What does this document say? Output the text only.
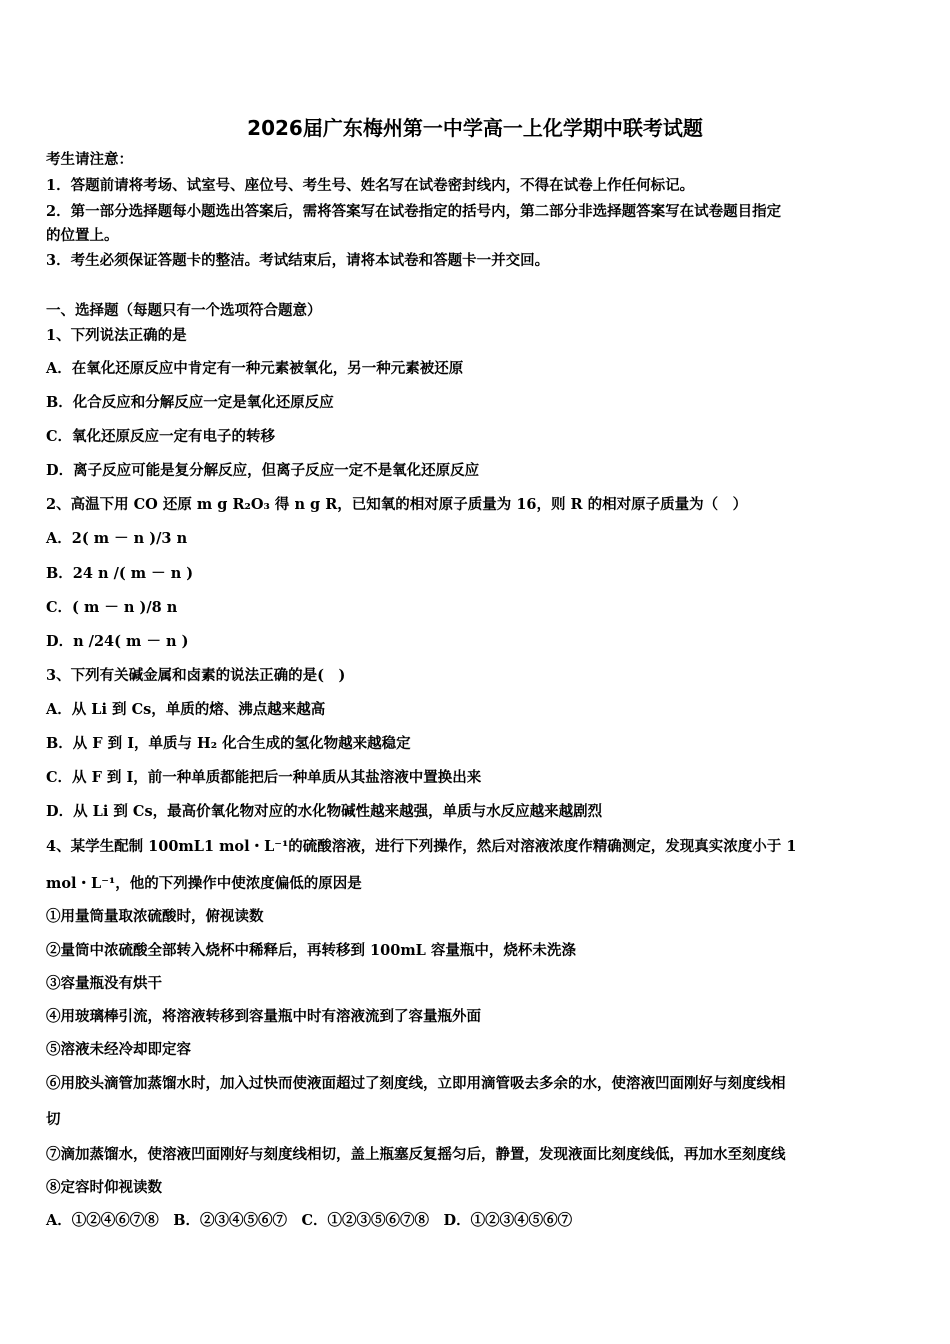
2026届广东梅州第一中学高一上化学期中联考试题
考生请注意：
1．答题前请将考场、试室号、座位号、考生号、姓名写在试卷密封线内，不得在试卷上作任何标记。
2．第一部分选择题每小题选出答案后，需将答案写在试卷指定的括号内，第二部分非选择题答案写在试卷题目指定
的位置上。
3．考生必须保证答题卡的整洁。考试结束后，请将本试卷和答题卡一并交回。
一、选择题（每题只有一个选项符合题意）
1、下列说法正确的是
A．在氧化还原反应中肯定有一种元素被氧化，另一种元素被还原
B．化合反应和分解反应一定是氧化还原反应
C．氧化还原反应一定有电子的转移
D．离子反应可能是复分解反应，但离子反应一定不是氧化还原反应
2、高温下用 CO 还原 m g R₂O₃ 得 n g R，已知氧的相对原子质量为 16，则 R 的相对原子质量为（　）
A．2( m － n )/3 n
B．24 n /( m － n )
C．( m － n )/8 n
D．n /24( m － n )
3、下列有关碱金属和卤素的说法正确的是(　)
A．从 Li 到 Cs，单质的熔、沸点越来越高
B．从 F 到 I，单质与 H₂ 化合生成的氢化物越来越稳定
C．从 F 到 I，前一种单质都能把后一种单质从其盐溶液中置换出来
D．从 Li 到 Cs，最高价氧化物对应的水化物碱性越来越强，单质与水反应越来越剧烈
4、某学生配制 100mL1 mol・L⁻¹的硫酸溶液，进行下列操作，然后对溶液浓度作精确测定，发现真实浓度小于 1
mol・L⁻¹，他的下列操作中使浓度偏低的原因是
①用量筒量取浓硫酸时，俯视读数
②量筒中浓硫酸全部转入烧杯中稀释后，再转移到 100mL 容量瓶中，烧杯未洗涤
③容量瓶没有烘干
④用玻璃棒引流，将溶液转移到容量瓶中时有溶液流到了容量瓶外面
⑤溶液未经冷却即定容
⑥用胶头滴管加蒸馏水时，加入过快而使液面超过了刻度线，立即用滴管吸去多余的水，使溶液凹面刚好与刻度线相
切
⑦滴加蒸馏水，使溶液凹面刚好与刻度线相切，盖上瓶塞反复摇匀后，静置，发现液面比刻度线低，再加水至刻度线
⑧定容时仰视读数
A．①②④⑥⑦⑧　B．②③④⑤⑥⑦　C．①②③⑤⑥⑦⑧　D．①②③④⑤⑥⑦
